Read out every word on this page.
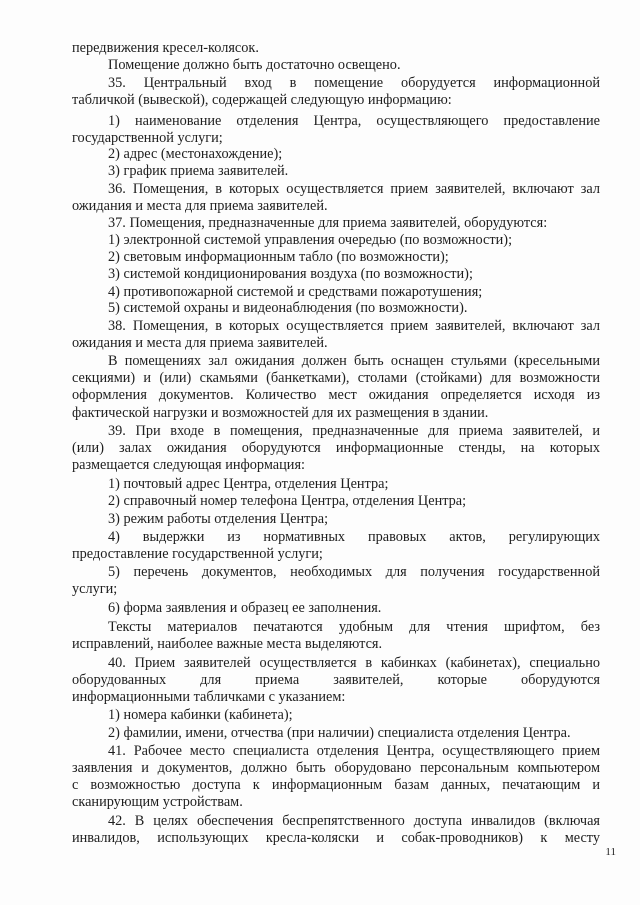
передвижения кресел-колясок.
Помещение должно быть достаточно освещено.
35. Центральный вход в помещение оборудуется информационной
табличкой (вывеской), содержащей следующую информацию:
1) наименование отделения Центра, осуществляющего предоставление
государственной услуги;
2) адрес (местонахождение);
3) график приема заявителей.
36. Помещения, в которых осуществляется прием заявителей, включают зал
ожидания и места для приема заявителей.
37. Помещения, предназначенные для приема заявителей, оборудуются:
1) электронной системой управления очередью (по возможности);
2) световым информационным табло (по возможности);
3) системой кондиционирования воздуха (по возможности);
4) противопожарной системой и средствами пожаротушения;
5) системой охраны и видеонаблюдения (по возможности).
38. Помещения, в которых осуществляется прием заявителей, включают зал
ожидания и места для приема заявителей.
В помещениях зал ожидания должен быть оснащен стульями (кресельными
секциями) и (или) скамьями (банкетками), столами (стойками) для возможности
оформления документов. Количество мест ожидания определяется исходя из
фактической нагрузки и возможностей для их размещения в здании.
39. При входе в помещения, предназначенные для приема заявителей, и
(или) залах ожидания оборудуются информационные стенды, на которых
размещается следующая информация:
1) почтовый адрес Центра, отделения Центра;
2) справочный номер телефона Центра, отделения Центра;
3) режим работы отделения Центра;
4) выдержки из нормативных правовых актов, регулирующих
предоставление государственной услуги;
5) перечень документов, необходимых для получения государственной
услуги;
6) форма заявления и образец ее заполнения.
Тексты материалов печатаются удобным для чтения шрифтом, без
исправлений, наиболее важные места выделяются.
40. Прием заявителей осуществляется в кабинках (кабинетах), специально
оборудованных для приема заявителей, которые оборудуются
информационными табличками с указанием:
1) номера кабинки (кабинета);
2) фамилии, имени, отчества (при наличии) специалиста отделения Центра.
41. Рабочее место специалиста отделения Центра, осуществляющего прием
заявления и документов, должно быть оборудовано персональным компьютером
с возможностью доступа к информационным базам данных, печатающим и
сканирующим устройствам.
42. В целях обеспечения беспрепятственного доступа инвалидов (включая
инвалидов, использующих кресла-коляски и собак-проводников) к месту
11
